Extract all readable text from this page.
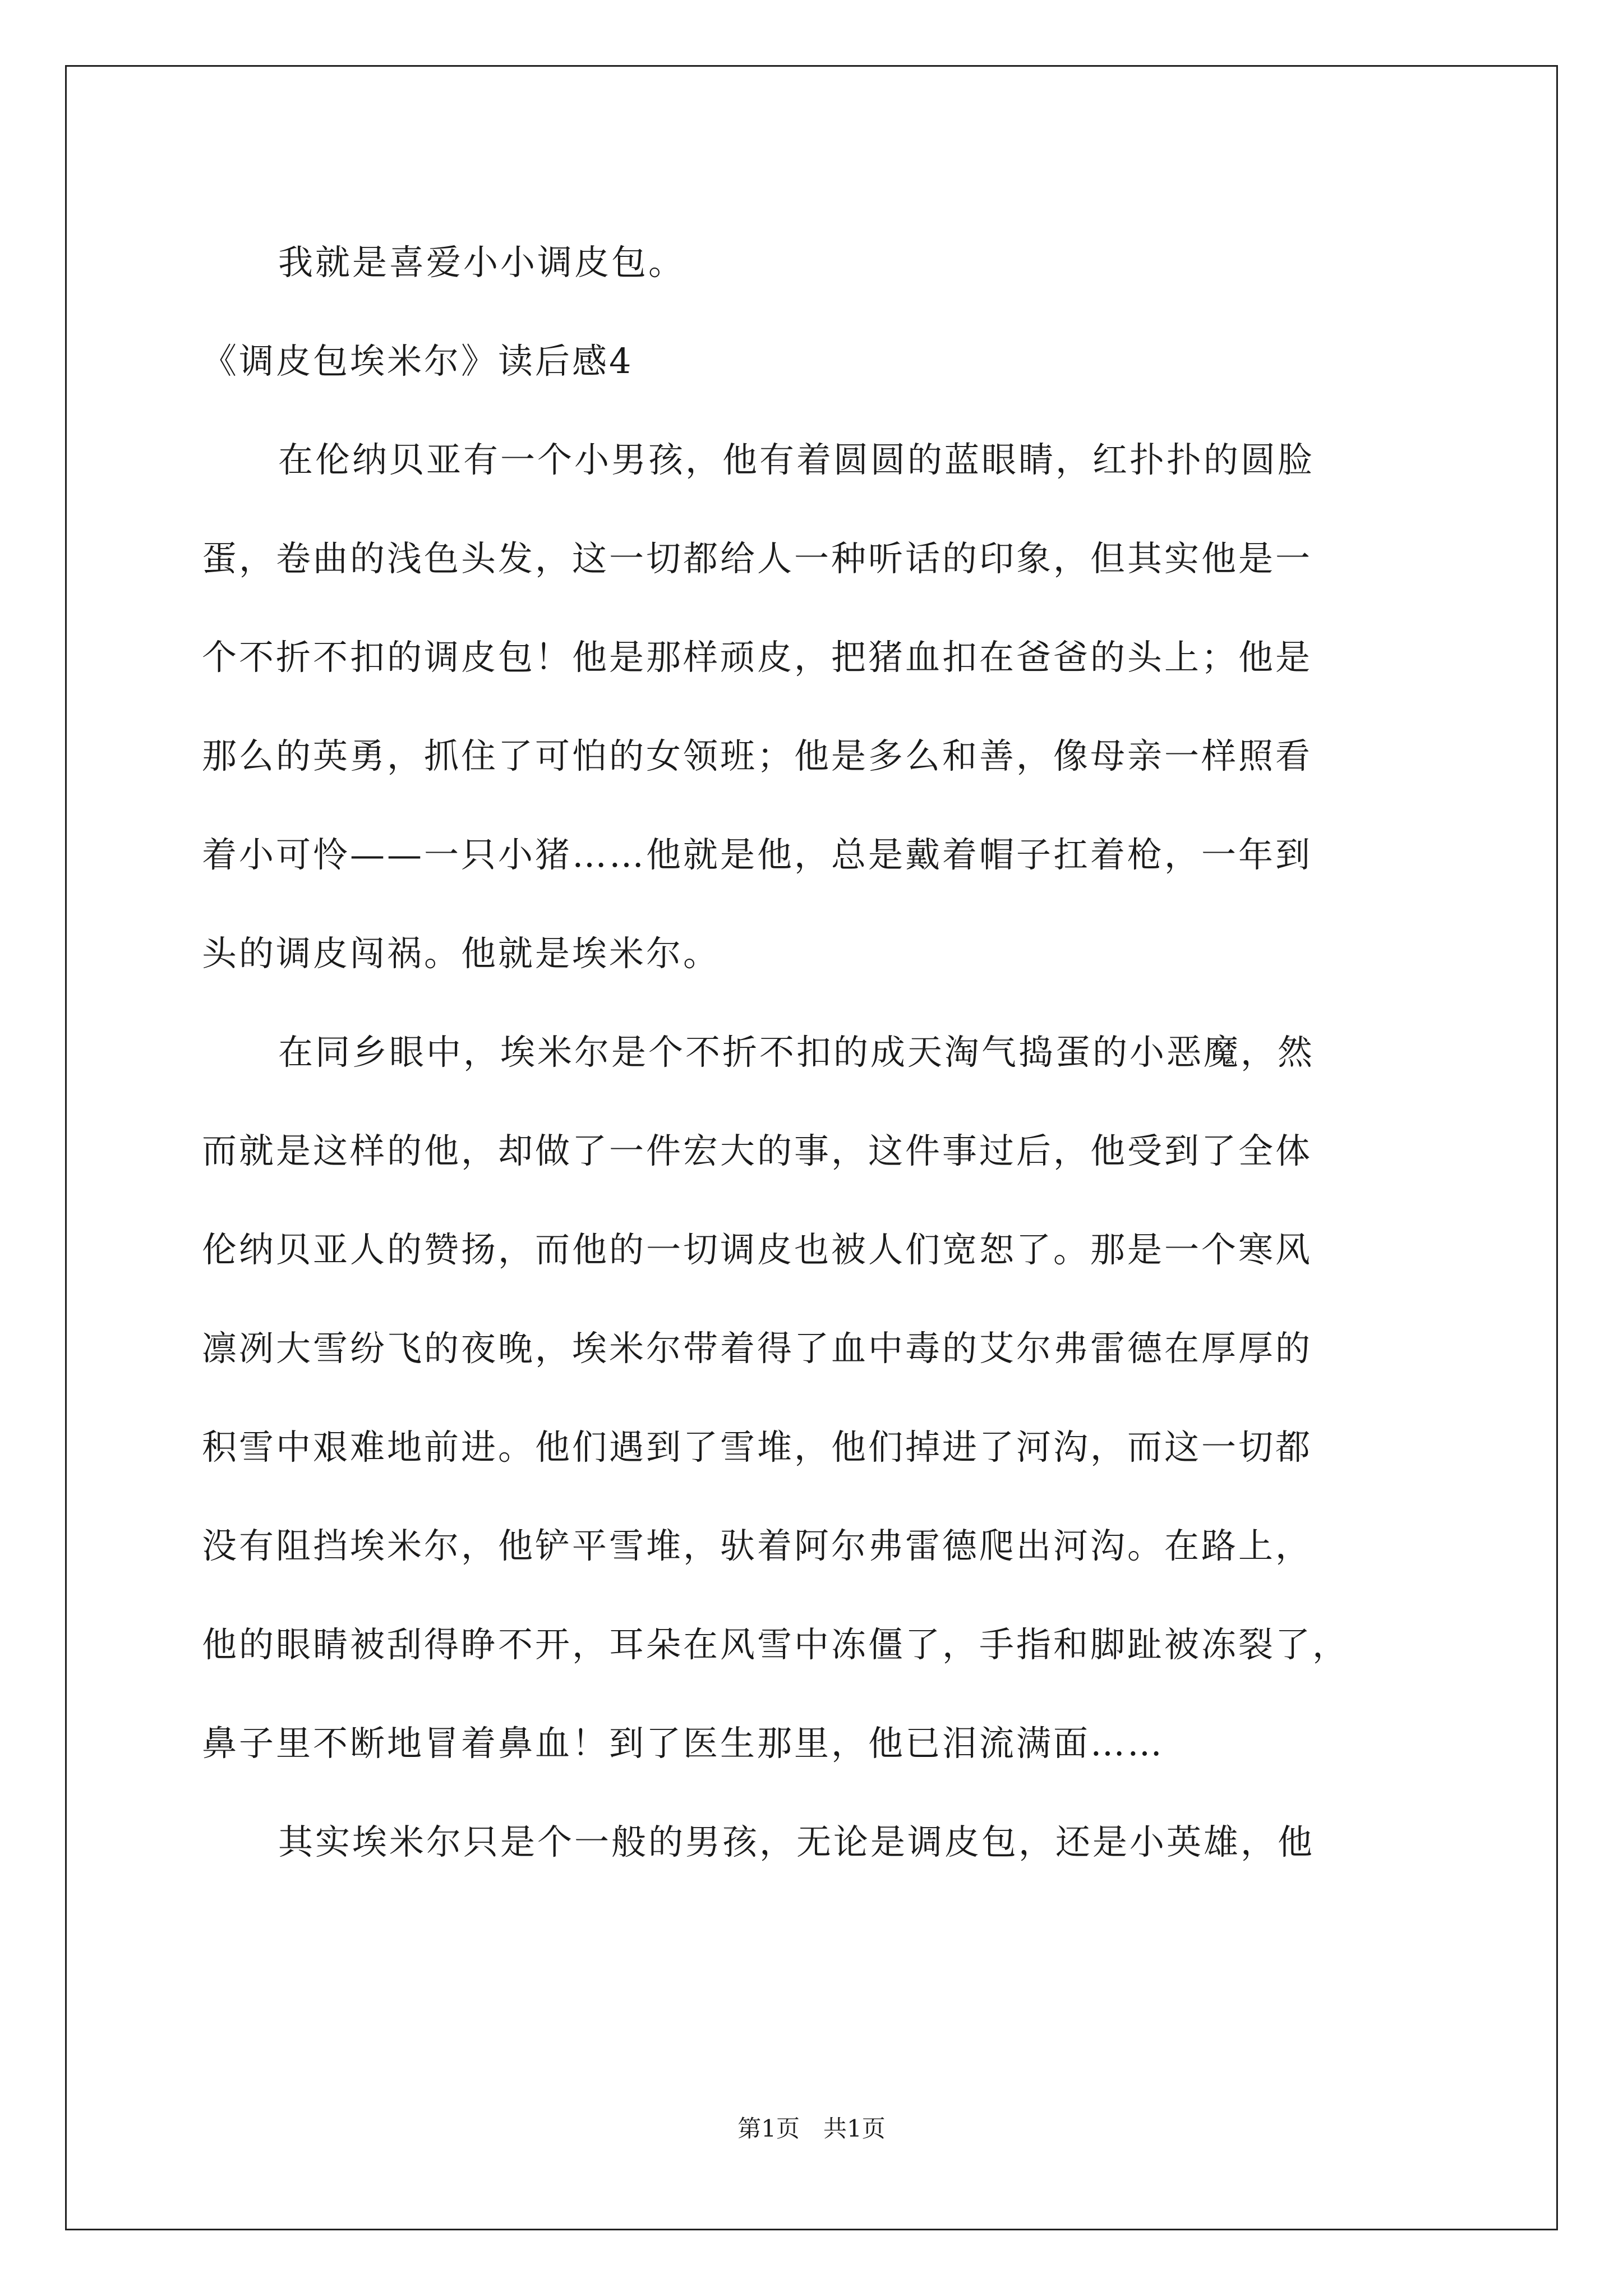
我就是喜爱小小调皮包。
《调皮包埃米尔》读后感4
在伦纳贝亚有一个小男孩，他有着圆圆的蓝眼睛，红扑扑的圆脸
蛋，卷曲的浅色头发，这一切都给人一种听话的印象，但其实他是一
个不折不扣的调皮包！他是那样顽皮，把猪血扣在爸爸的头上；他是
那么的英勇，抓住了可怕的女领班；他是多么和善，像母亲一样照看
着小可怜——一只小猪……他就是他，总是戴着帽子扛着枪，一年到
头的调皮闯祸。他就是埃米尔。
在同乡眼中，埃米尔是个不折不扣的成天淘气捣蛋的小恶魔，然
而就是这样的他，却做了一件宏大的事，这件事过后，他受到了全体
伦纳贝亚人的赞扬，而他的一切调皮也被人们宽恕了。那是一个寒风
凛冽大雪纷飞的夜晚，埃米尔带着得了血中毒的艾尔弗雷德在厚厚的
积雪中艰难地前进。他们遇到了雪堆，他们掉进了河沟，而这一切都
没有阻挡埃米尔，他铲平雪堆，驮着阿尔弗雷德爬出河沟。在路上，
他的眼睛被刮得睁不开，耳朵在风雪中冻僵了，手指和脚趾被冻裂了，
鼻子里不断地冒着鼻血！到了医生那里，他已泪流满面……
其实埃米尔只是个一般的男孩，无论是调皮包，还是小英雄，他
第1页　共1页
